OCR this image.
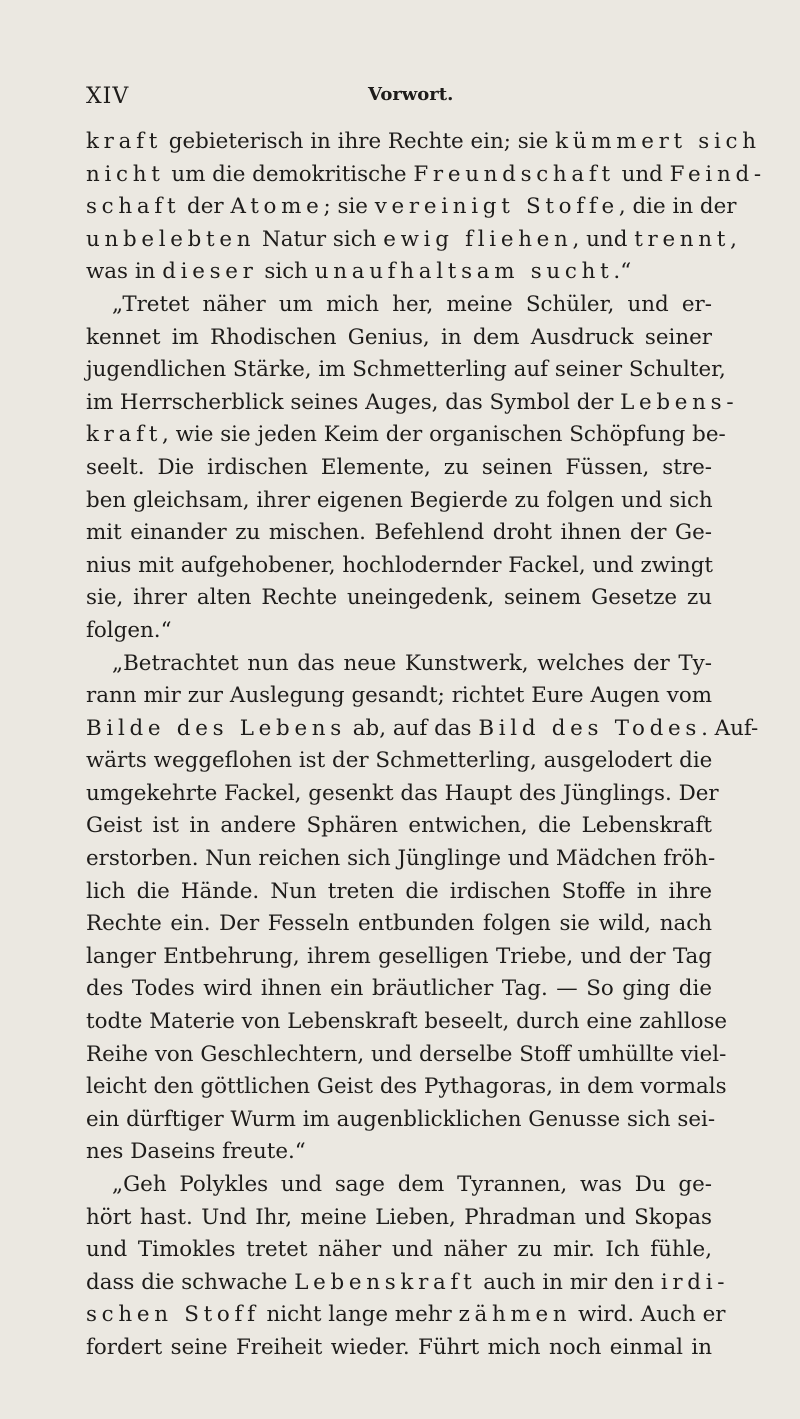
XIV	Vorwort.
kraft gebieterisch in ihre Rechte ein; sie kümmert sich
nicht um die demokritische Freundschaft und Feind-
schaft der Atome; sie vereinigt Stoffe, die in der
unbelebten Natur sich ewig fliehen, und trennt,
was in dieser sich unaufhaltsam sucht.“
„Tretet näher um mich her, meine Schüler, und er-
kennet im Rhodischen Genius, in dem Ausdruck seiner
jugendlichen Stärke, im Schmetterling auf seiner Schulter,
im Herrscherblick seines Auges, das Symbol der Lebens-
kraft, wie sie jeden Keim der organischen Schöpfung be-
seelt. Die irdischen Elemente, zu seinen Füssen, stre-
ben gleichsam, ihrer eigenen Begierde zu folgen und sich
mit einander zu mischen. Befehlend droht ihnen der Ge-
nius mit aufgehobener, hochlodernder Fackel, und zwingt
sie, ihrer alten Rechte uneingedenk, seinem Gesetze zu
folgen.“
„Betrachtet nun das neue Kunstwerk, welches der Ty-
rann mir zur Auslegung gesandt; richtet Eure Augen vom
Bilde des Lebens ab, auf das Bild des Todes. Auf-
wärts weggeflohen ist der Schmetterling, ausgelodert die
umgekehrte Fackel, gesenkt das Haupt des Jünglings. Der
Geist ist in andere Sphären entwichen, die Lebenskraft
erstorben. Nun reichen sich Jünglinge und Mädchen fröh-
lich die Hände. Nun treten die irdischen Stoffe in ihre
Rechte ein. Der Fesseln entbunden folgen sie wild, nach
langer Entbehrung, ihrem geselligen Triebe, und der Tag
des Todes wird ihnen ein bräutlicher Tag. — So ging die
todte Materie von Lebenskraft beseelt, durch eine zahllose
Reihe von Geschlechtern, und derselbe Stoff umhüllte viel-
leicht den göttlichen Geist des Pythagoras, in dem vormals
ein dürftiger Wurm im augenblicklichen Genusse sich sei-
nes Daseins freute.“
„Geh Polykles und sage dem Tyrannen, was Du ge-
hört hast. Und Ihr, meine Lieben, Phradman und Skopas
und Timokles tretet näher und näher zu mir. Ich fühle,
dass die schwache Lebenskraft auch in mir den irdi-
schen Stoff nicht lange mehr zähmen wird. Auch er
fordert seine Freiheit wieder. Führt mich noch einmal in
